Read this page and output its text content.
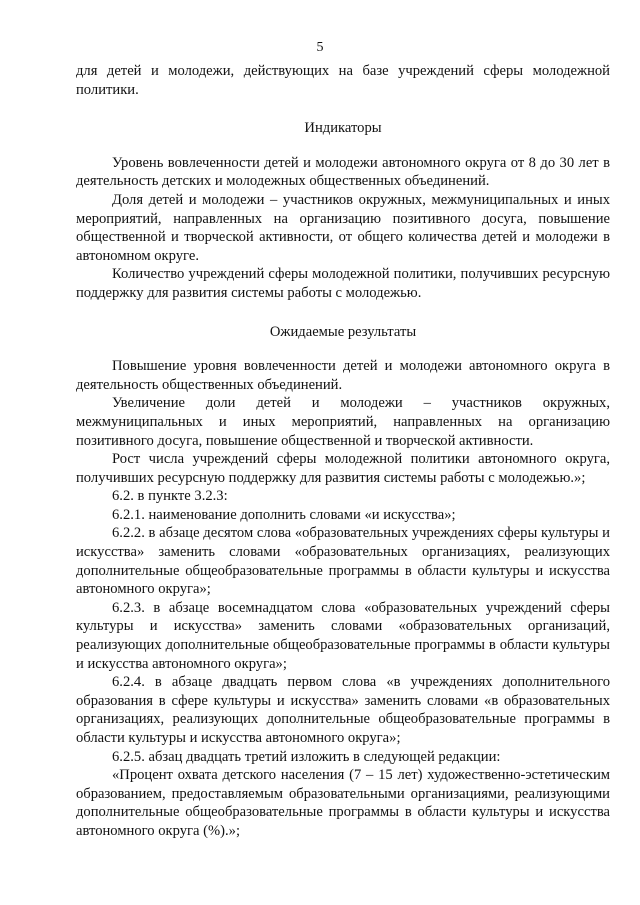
5

для детей и молодежи, действующих на базе учреждений сферы молодежной политики.

Индикаторы

Уровень вовлеченности детей и молодежи автономного округа от 8 до 30 лет в деятельность детских и молодежных общественных объединений.

Доля детей и молодежи – участников окружных, межмуниципальных и иных мероприятий, направленных на организацию позитивного досуга, повышение общественной и творческой активности, от общего количества детей и молодежи в автономном округе.

Количество учреждений сферы молодежной политики, получивших ресурсную поддержку для развития системы работы с молодежью.

Ожидаемые результаты

Повышение уровня вовлеченности детей и молодежи автономного округа в деятельность общественных объединений.

Увеличение доли детей и молодежи – участников окружных, межмуниципальных и иных мероприятий, направленных на организацию позитивного досуга, повышение общественной и творческой активности.

Рост числа учреждений сферы молодежной политики автономного округа, получивших ресурсную поддержку для развития системы работы с молодежью.»;

6.2. в пункте 3.2.3:

6.2.1. наименование дополнить словами «и искусства»;

6.2.2. в абзаце десятом слова «образовательных учреждениях сферы культуры и искусства» заменить словами «образовательных организациях, реализующих дополнительные общеобразовательные программы в области культуры и искусства автономного округа»;

6.2.3. в абзаце восемнадцатом слова «образовательных учреждений сферы культуры и искусства» заменить словами «образовательных организаций, реализующих дополнительные общеобразовательные программы в области культуры и искусства автономного округа»;

6.2.4. в абзаце двадцать первом слова «в учреждениях дополнительного образования в сфере культуры и искусства» заменить словами «в образовательных организациях, реализующих дополнительные общеобразовательные программы в области культуры и искусства автономного округа»;

6.2.5. абзац двадцать третий изложить в следующей редакции:

«Процент охвата детского населения (7 – 15 лет) художественно-эстетическим образованием, предоставляемым образовательными организациями, реализующими дополнительные общеобразовательные программы в области культуры и искусства автономного округа (%).»;
